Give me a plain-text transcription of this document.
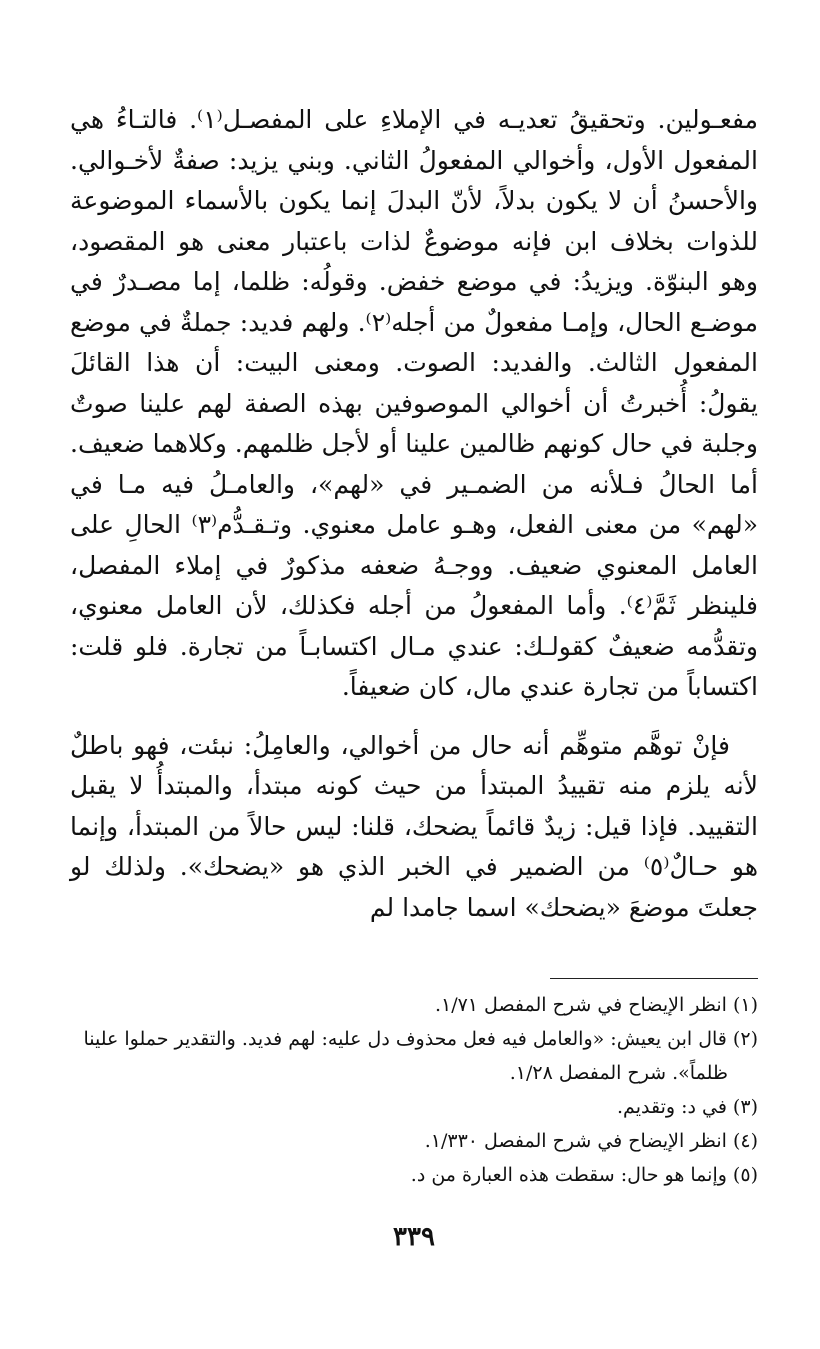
مفعـولين. وتحقيقُ تعديـه في الإملاءِ على المفصـل⁽١⁾. فالتـاءُ هي المفعول الأول، وأخوالي المفعولُ الثاني. وبني يزيد: صفةٌ لأخـوالي. والأحسنُ أن لا يكون بدلاً، لأنّ البدلَ إنما يكون بالأسماء الموضوعة للذوات بخلاف ابن فإنه موضوعٌ لذات باعتبار معنى هو المقصود، وهو البنوّة. ويزيدُ: في موضع خفض. وقولُه: ظلما، إما مصـدرٌ في موضـع الحال، وإمـا مفعولٌ من أجله⁽٢⁾. ولهم فديد: جملةٌ في موضع المفعول الثالث. والفديد: الصوت. ومعنى البيت: أن هذا القائلَ يقولُ: أُخبرتُ أن أخوالي الموصوفين بهذه الصفة لهم علينا صوتٌ وجلبة في حال كونهم ظالمين علينا أو لأجل ظلمهم. وكلاهما ضعيف. أما الحالُ فـلأنه من الضمـير في «لهم»، والعامـلُ فيه مـا في «لهم» من معنى الفعل، وهـو عامل معنوي. وتـقـدُّم⁽٣⁾ الحالِ على العامل المعنوي ضعيف. ووجـهُ ضعفه مذكورٌ في إملاء المفصل، فلينظر ثَمَّ⁽٤⁾. وأما المفعولُ من أجله فكذلك، لأن العامل معنوي، وتقدُّمه ضعيفٌ كقولـك: عندي مـال اكتسابـاً من تجارة. فلو قلت: اكتساباً من تجارة عندي مال، كان ضعيفاً.

فإنْ توهَّم متوهِّم أنه حال من أخوالي، والعامِلُ: نبئت، فهو باطلٌ لأنه يلزم منه تقييدُ المبتدأ من حيث كونه مبتدأ، والمبتدأُ لا يقبل التقييد. فإذا قيل: زيدٌ قائماً يضحك، قلنا: ليس حالاً من المبتدأ، وإنما هو حـالٌ⁽٥⁾ من الضمير في الخبر الذي هو «يضحك». ولذلك لو جعلتَ موضعَ «يضحك» اسما جامدا لم

(١) انظر الإيضاح في شرح المفصل ١/٧١.

(٢) قال ابن يعيش: «والعامل فيه فعل محذوف دل عليه: لهم فديد. والتقدير حملوا علينا
ظلماً». شرح المفصل ١/٢٨.

(٣) في د: وتقديم.

(٤) انظر الإيضاح في شرح المفصل ١/٣٣٠.

(٥) وإنما هو حال: سقطت هذه العبارة من د.

٣٣٩
